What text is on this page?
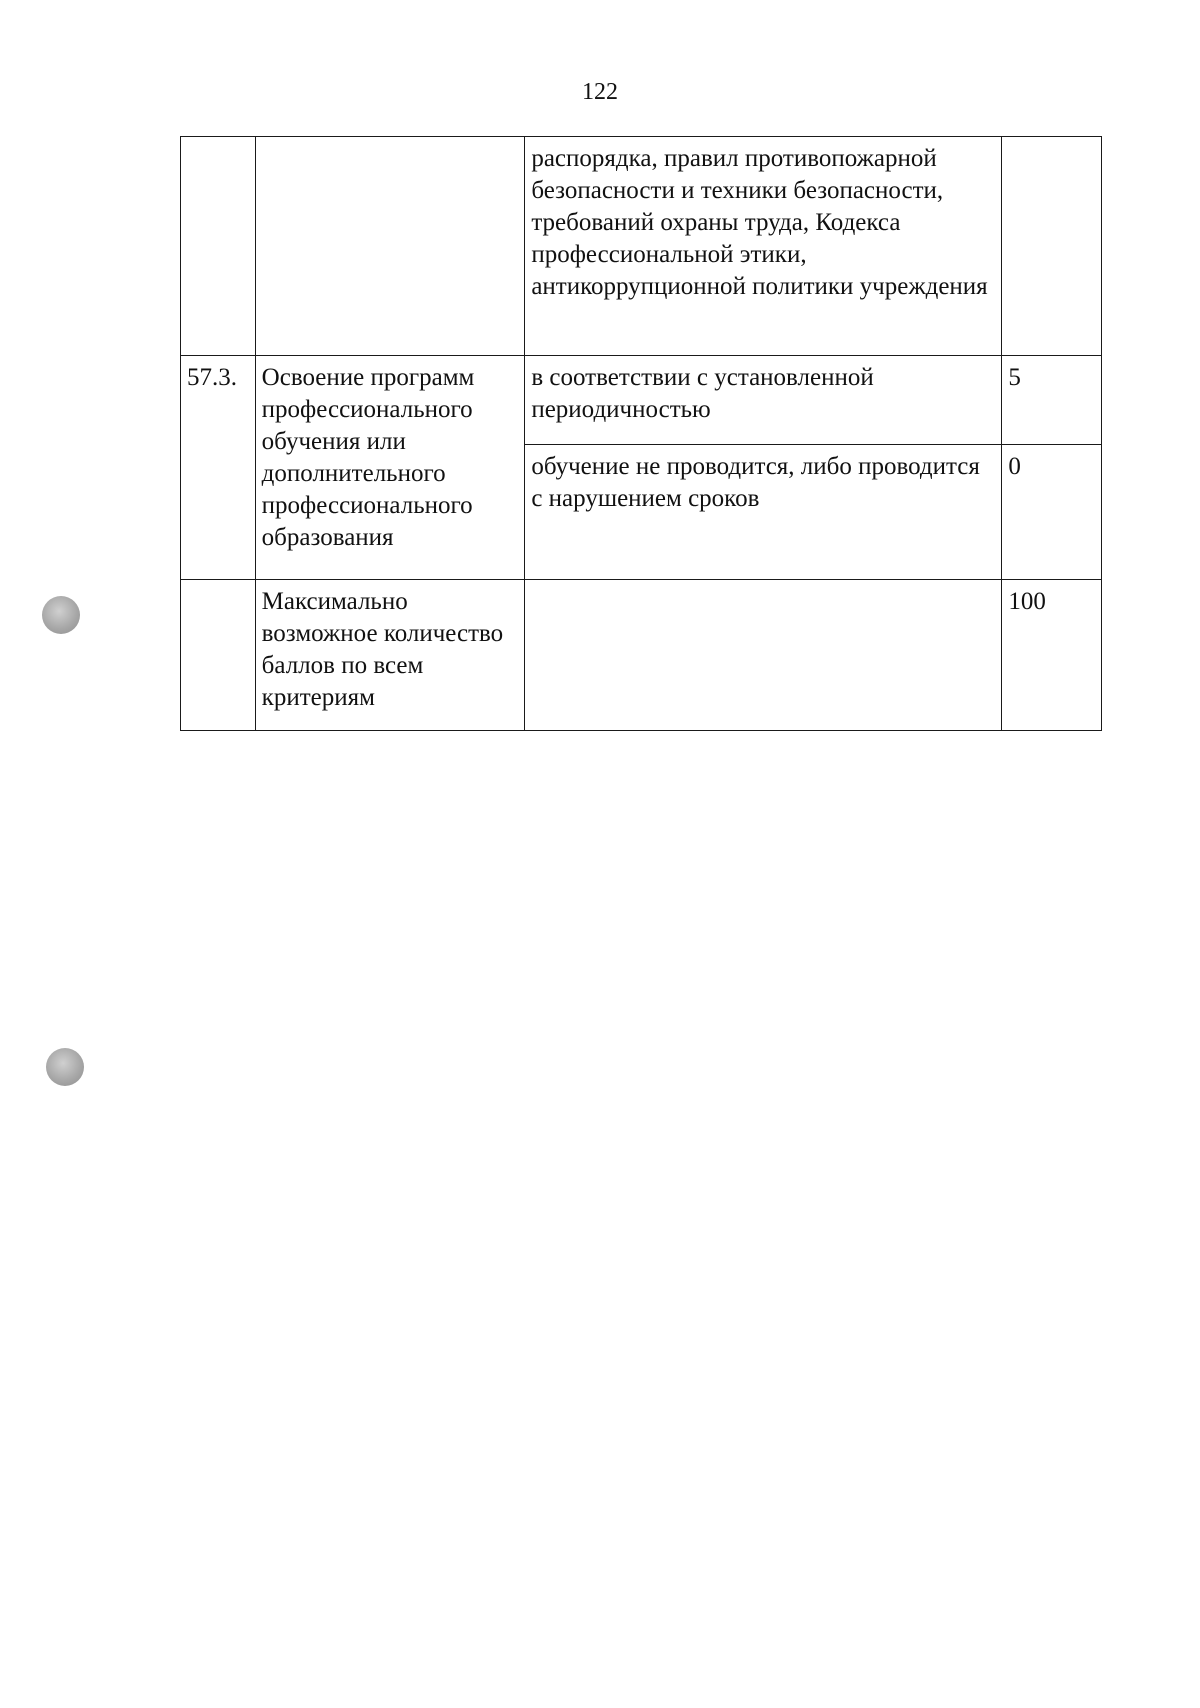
122
		распорядка, правил противопожарной безопасности и техники безопасности, требований охраны труда, Кодекса профессиональной этики, антикоррупционной политики учреждения	
57.3.	Освоение программ профессионального обучения или дополнительного профессионального образования	в соответствии с установленной периодичностью	5
		обучение не проводится, либо проводится с нарушением сроков	0
	Максимально возможное количество баллов по всем критериям		100
